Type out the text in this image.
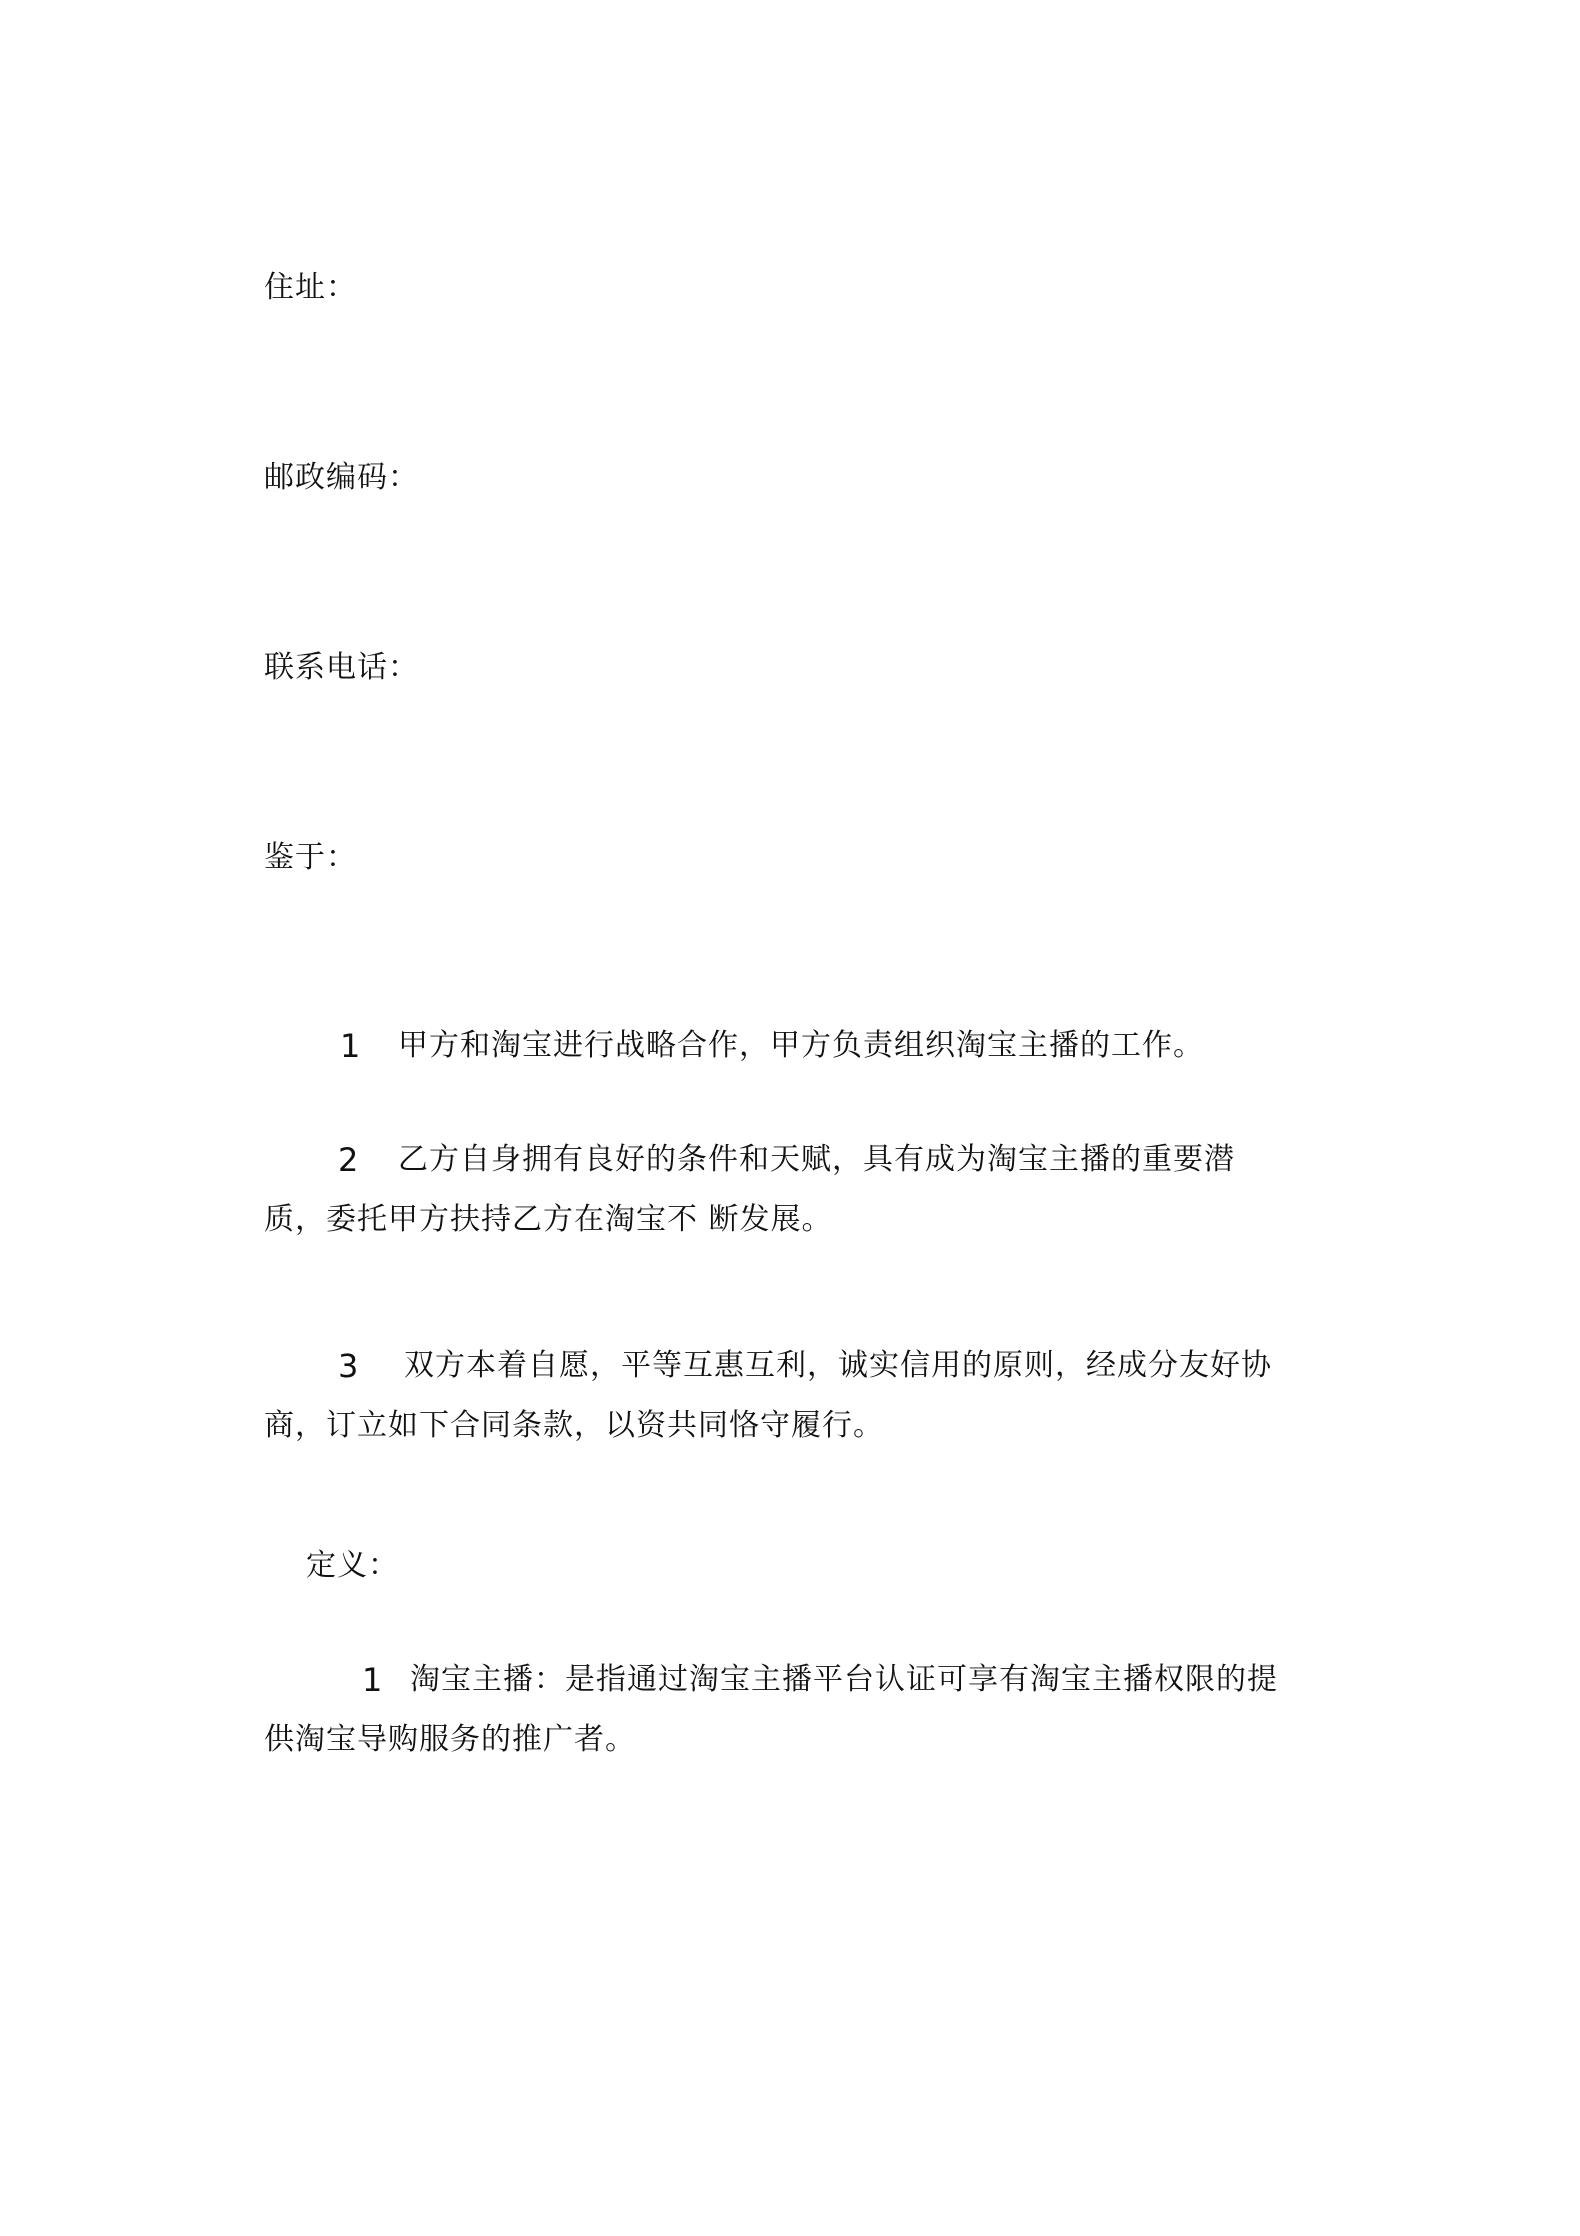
住址：
邮政编码：
联系电话：
鉴于：
1 甲方和淘宝进行战略合作，甲方负责组织淘宝主播的工作。
2 乙方自身拥有良好的条件和天赋，具有成为淘宝主播的重要潜
质，委托甲方扶持乙方在淘宝不 断发展。
3 双方本着自愿，平等互惠互利，诚实信用的原则，经成分友好协
商，订立如下合同条款，以资共同恪守履行。
定义：
1 淘宝主播：是指通过淘宝主播平台认证可享有淘宝主播权限的提
供淘宝导购服务的推广者。
